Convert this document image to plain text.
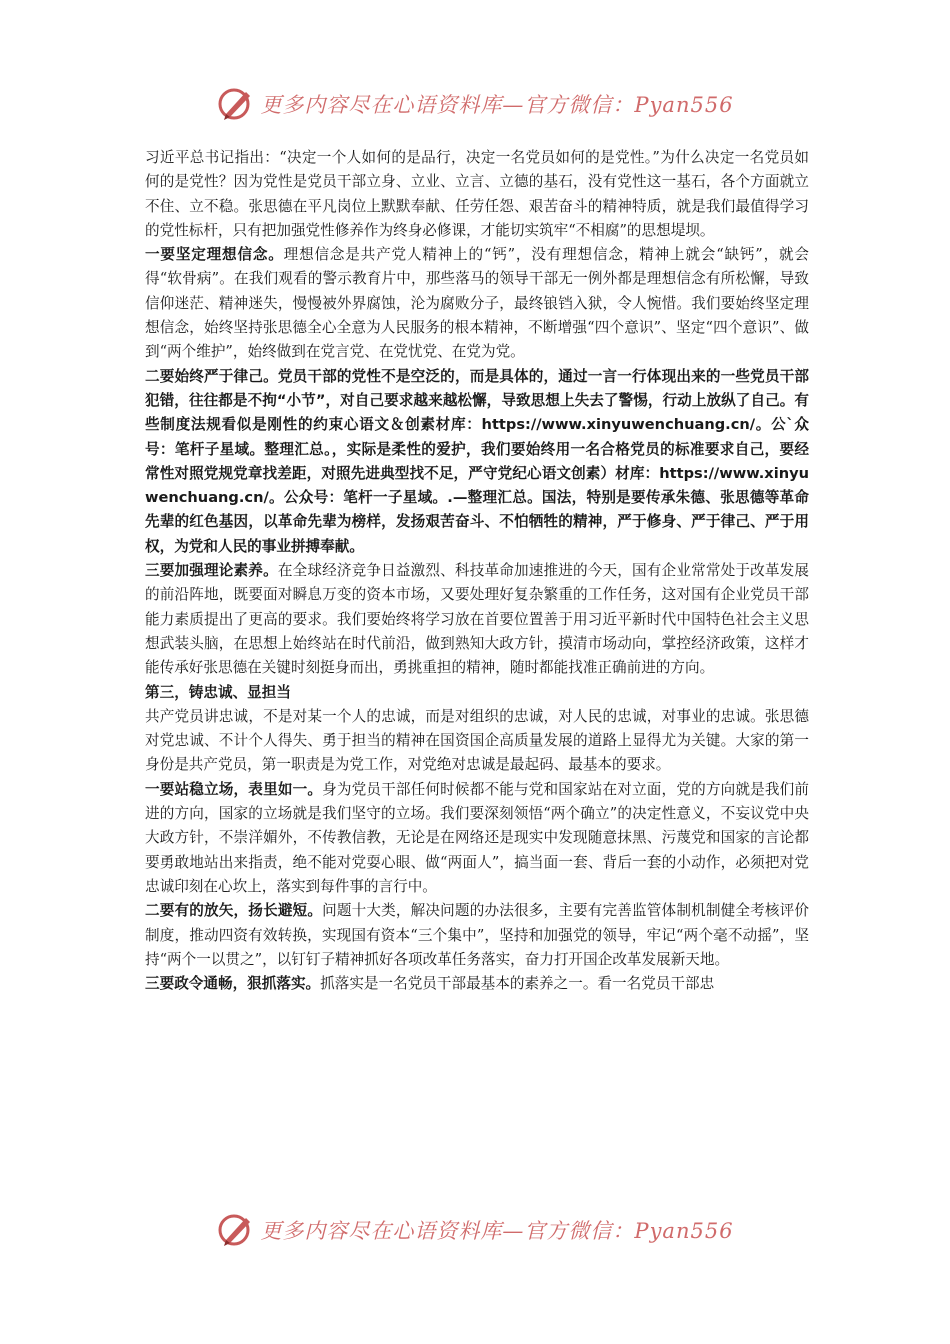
更多内容尽在心语资料库—官方微信：Pyan556

习近平总书记指出：“决定一个人如何的是品行，决定一名党员如何的是党性。”为什么决定一名党员如何的是党性？因为党性是党员干部立身、立业、立言、立德的基石，没有党性这一基石，各个方面就立不住、立不稳。张思德在平凡岗位上默默奉献、任劳任怨、艰苦奋斗的精神特质，就是我们最值得学习的党性标杆，只有把加强党性修养作为终身必修课，才能切实筑牢“不相腐”的思想堤坝。

一要坚定理想信念。理想信念是共产党人精神上的“钙”，没有理想信念，精神上就会“缺钙”，就会得“软骨病”。在我们观看的警示教育片中，那些落马的领导干部无一例外都是理想信念有所松懈，导致信仰迷茫、精神迷失，慢慢被外界腐蚀，沦为腐败分子，最终锒铛入狱，令人惋惜。我们要始终坚定理想信念，始终坚持张思德全心全意为人民服务的根本精神，不断增强“四个意识”、坚定“四个意识”、做到“两个维护”，始终做到在党言党、在党忧党、在党为党。

二要始终严于律己。党员干部的党性不是空泛的，而是具体的，通过一言一行体现出来的一些党员干部犯错，往往都是不拘“小节”，对自己要求越来越松懈，导致思想上失去了警惕，行动上放纵了自己。有些制度法规看似是刚性的约束心语文＆创素材库：https://www.xinyuwenchuang.cn/。公`众号：笔杆子星域。整理汇总。，实际是柔性的爱护，我们要始终用一名合格党员的标准要求自己，要经常性对照党规党章找差距，对照先进典型找不足，严守党纪心语文创素）材库：https://www.xinyuwenchuang.cn/。公众号：笔杆一子星域。.—整理汇总。国法，特别是要传承朱德、张思德等革命先辈的红色基因，以革命先辈为榜样，发扬艰苦奋斗、不怕牺牲的精神，严于修身、严于律己、严于用权，为党和人民的事业拼搏奉献。

三要加强理论素养。在全球经济竞争日益激烈、科技革命加速推进的今天，国有企业常常处于改革发展的前沿阵地，既要面对瞬息万变的资本市场，又要处理好复杂繁重的工作任务，这对国有企业党员干部能力素质提出了更高的要求。我们要始终将学习放在首要位置善于用习近平新时代中国特色社会主义思想武装头脑，在思想上始终站在时代前沿，做到熟知大政方针，摸清市场动向，掌控经济政策，这样才能传承好张思德在关键时刻挺身而出，勇挑重担的精神，随时都能找准正确前进的方向。

第三，铸忠诚、显担当

共产党员讲忠诚，不是对某一个人的忠诚，而是对组织的忠诚，对人民的忠诚，对事业的忠诚。张思德对党忠诚、不计个人得失、勇于担当的精神在国资国企高质量发展的道路上显得尤为关键。大家的第一身份是共产党员，第一职责是为党工作，对党绝对忠诚是最起码、最基本的要求。

一要站稳立场，表里如一。身为党员干部任何时候都不能与党和国家站在对立面，党的方向就是我们前进的方向，国家的立场就是我们坚守的立场。我们要深刻领悟“两个确立”的决定性意义，不妄议党中央大政方针，不崇洋媚外，不传教信教，无论是在网络还是现实中发现随意抹黑、污蔑党和国家的言论都要勇敢地站出来指责，绝不能对党耍心眼、做“两面人”，搞当面一套、背后一套的小动作，必须把对党忠诚印刻在心坎上，落实到每件事的言行中。

二要有的放矢，扬长避短。问题十大类，解决问题的办法很多，主要有完善监管体制机制健全考核评价制度，推动四资有效转换，实现国有资本“三个集中”，坚持和加强党的领导，牢记“两个毫不动摇”，坚持“两个一以贯之”，以钉钉子精神抓好各项改革任务落实，奋力打开国企改革发展新天地。

三要政令通畅，狠抓落实。抓落实是一名党员干部最基本的素养之一。看一名党员干部忠

更多内容尽在心语资料库—官方微信：Pyan556
